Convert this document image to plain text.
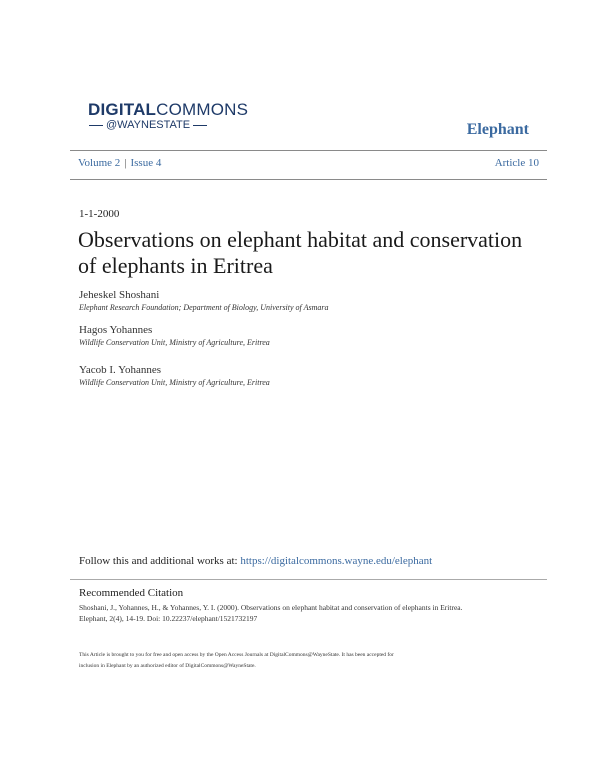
DIGITALCOMMONS
@WAYNESTATE	Elephant
Volume 2 | Issue 4	Article 10
1-1-2000
Observations on elephant habitat and conservation of elephants in Eritrea
Jeheskel Shoshani
Elephant Research Foundation; Department of Biology, University of Asmara
Hagos Yohannes
Wildlife Conservation Unit, Ministry of Agriculture, Eritrea
Yacob I. Yohannes
Wildlife Conservation Unit, Ministry of Agriculture, Eritrea
Follow this and additional works at: https://digitalcommons.wayne.edu/elephant
Recommended Citation
Shoshani, J., Yohannes, H., & Yohannes, Y. I. (2000). Observations on elephant habitat and conservation of elephants in Eritrea.
Elephant, 2(4), 14-19. Doi: 10.22237/elephant/1521732197
This Article is brought to you for free and open access by the Open Access Journals at DigitalCommons@WayneState. It has been accepted for
inclusion in Elephant by an authorized editor of DigitalCommons@WayneState.
